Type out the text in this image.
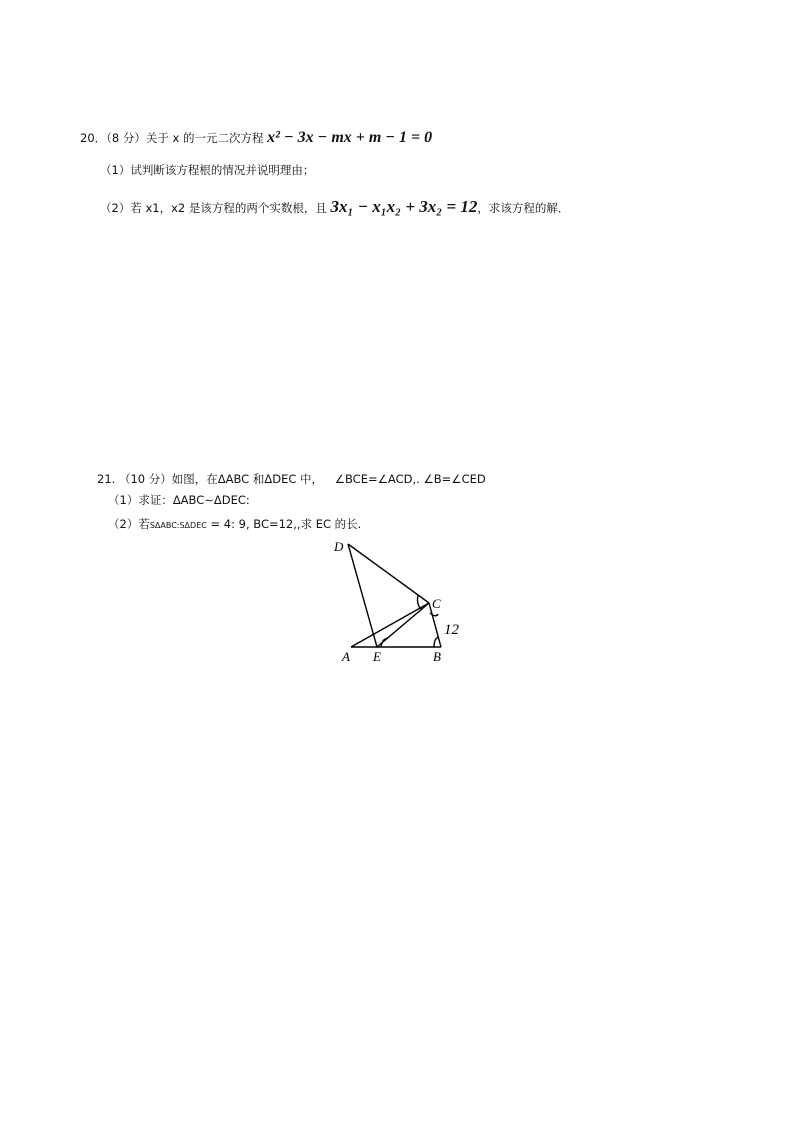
20．（8 分）关于 x 的一元二次方程 x² − 3x − mx + m − 1 = 0
（1）试判断该方程根的情况并说明理由；
（2）若 x1，x2 是该方程的两个实数根，且 3x₁ − x₁x₂ + 3x₂ = 12，求该方程的解．
21. （10 分）如图，在ΔABC 和ΔDEC 中， ∠BCE=∠ACD,. ∠B=∠CED
（1）求证：ΔABC∼ΔDEC:
（2）若SΔABC:SΔDEC = 4: 9, BC=12,,求 EC 的长.
D
C
A E	B
12
